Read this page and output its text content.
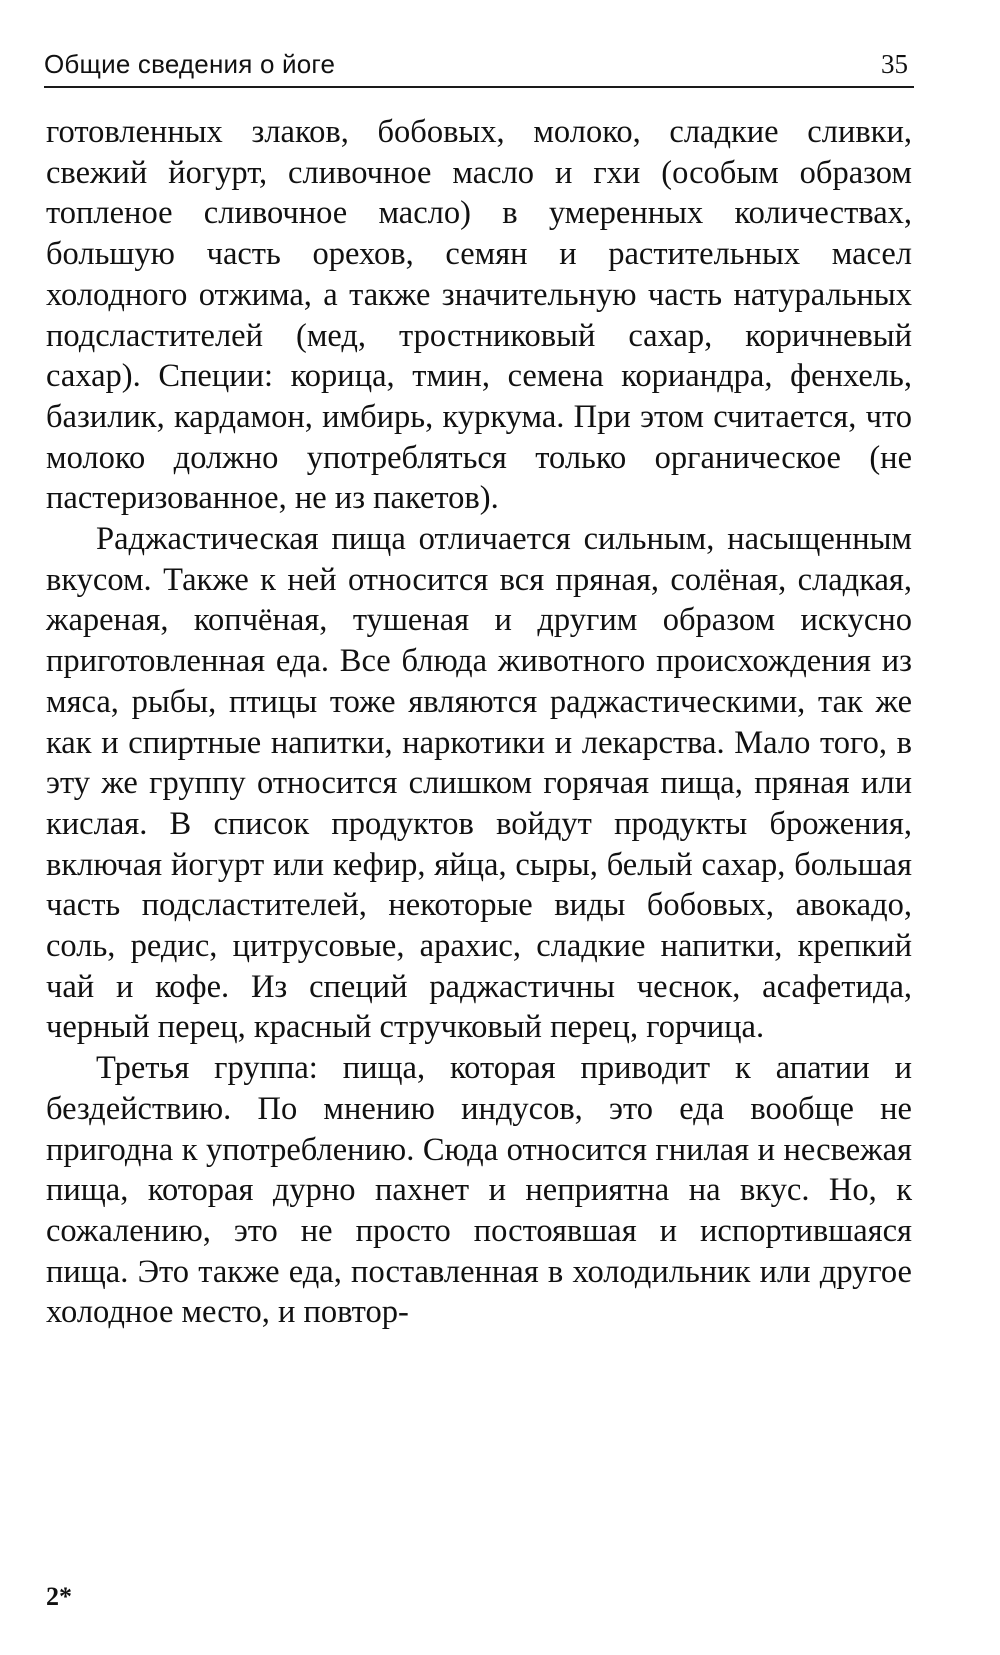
Общие сведения о йоге	35

готовленных злаков, бобовых, молоко, сладкие сливки, свежий йогурт, сливочное масло и гхи (особым образом топленое сливочное масло) в умеренных количествах, большую часть орехов, семян и растительных масел холодного отжима, а также значительную часть натуральных подсластителей (мед, тростниковый сахар, коричневый сахар). Специи: корица, тмин, семена кориандра, фенхель, базилик, кардамон, имбирь, куркума. При этом считается, что молоко должно употребляться только органическое (не пастеризованное, не из пакетов).

Раджастическая пища отличается сильным, насыщенным вкусом. Также к ней относится вся пряная, солёная, сладкая, жареная, копчёная, тушеная и другим образом искусно приготовленная еда. Все блюда животного происхождения из мяса, рыбы, птицы тоже являются раджастическими, так же как и спиртные напитки, наркотики и лекарства. Мало того, в эту же группу относится слишком горячая пища, пряная или кислая. В список продуктов войдут продукты брожения, включая йогурт или кефир, яйца, сыры, белый сахар, большая часть подсластителей, некоторые виды бобовых, авокадо, соль, редис, цитрусовые, арахис, сладкие напитки, крепкий чай и кофе. Из специй раджастичны чеснок, асафетида, черный перец, красный стручковый перец, горчица.

Третья группа: пища, которая приводит к апатии и бездействию. По мнению индусов, это еда вообще не пригодна к употреблению. Сюда относится гнилая и несвежая пища, которая дурно пахнет и неприятна на вкус. Но, к сожалению, это не просто постоявшая и испортившаяся пища. Это также еда, поставленная в холодильник или другое холодное место, и повтор-

2*
